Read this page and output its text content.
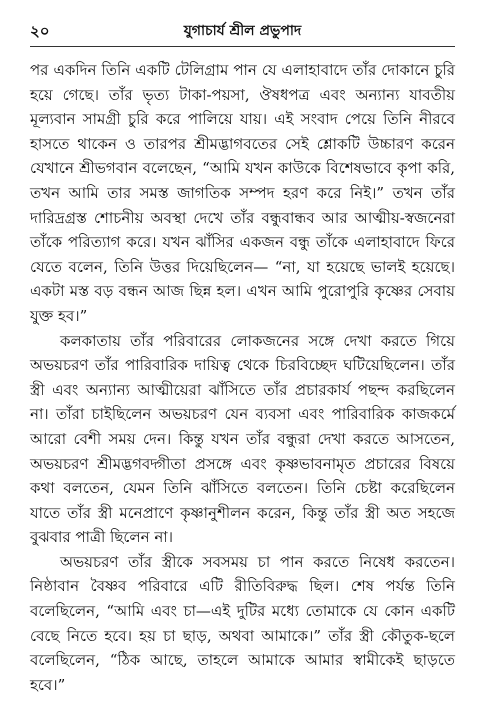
২০	যুগাচার্য শ্রীল প্রভুপাদ

পর একদিন তিনি একটি টেলিগ্রাম পান যে এলাহাবাদে তাঁর দোকানে চুরি হয়ে গেছে। তাঁর ভৃত্য টাকা-পয়সা, ঔষধপত্র এবং অন্যান্য যাবতীয় মূল্যবান সামগ্রী চুরি করে পালিয়ে যায়। এই সংবাদ পেয়ে তিনি নীরবে হাসতে থাকেন ও তারপর শ্রীমদ্ভাগবতের সেই শ্লোকটি উচ্চারণ করেন যেখানে শ্রীভগবান বলেছেন, “আমি যখন কাউকে বিশেষভাবে কৃপা করি, তখন আমি তার সমস্ত জাগতিক সম্পদ হরণ করে নিই।” তখন তাঁর দারিদ্রগ্রস্ত শোচনীয় অবস্থা দেখে তাঁর বন্ধুবান্ধব আর আত্মীয়-স্বজনেরা তাঁকে পরিত্যাগ করে। যখন ঝাঁসির একজন বন্ধু তাঁকে এলাহাবাদে ফিরে যেতে বলেন, তিনি উত্তর দিয়েছিলেন— “না, যা হয়েছে ভালই হয়েছে। একটা মস্ত বড় বন্ধন আজ ছিন্ন হল। এখন আমি পুরোপুরি কৃষ্ণের সেবায় যুক্ত হব।”

কলকাতায় তাঁর পরিবারের লোকজনের সঙ্গে দেখা করতে গিয়ে অভয়চরণ তাঁর পারিবারিক দায়িত্ব থেকে চিরবিচ্ছেদ ঘটিয়েছিলেন। তাঁর স্ত্রী এবং অন্যান্য আত্মীয়েরা ঝাঁসিতে তাঁর প্রচারকার্য পছন্দ করছিলেন না। তাঁরা চাইছিলেন অভয়চরণ যেন ব্যবসা এবং পারিবারিক কাজকর্মে আরো বেশী সময় দেন। কিন্তু যখন তাঁর বন্ধুরা দেখা করতে আসতেন, অভয়চরণ শ্রীমদ্ভগবদ্গীতা প্রসঙ্গে এবং কৃষ্ণভাবনামৃত প্রচারের বিষয়ে কথা বলতেন, যেমন তিনি ঝাঁসিতে বলতেন। তিনি চেষ্টা করেছিলেন যাতে তাঁর স্ত্রী মনেপ্রাণে কৃষ্ণানুশীলন করেন, কিন্তু তাঁর স্ত্রী অত সহজে বুঝবার পাত্রী ছিলেন না।

অভয়চরণ তাঁর স্ত্রীকে সবসময় চা পান করতে নিষেধ করতেন। নিষ্ঠাবান বৈষ্ণব পরিবারে এটি রীতিবিরুদ্ধ ছিল। শেষ পর্যন্ত তিনি বলেছিলেন, “আমি এবং চা—এই দুটির মধ্যে তোমাকে যে কোন একটি বেছে নিতে হবে। হয় চা ছাড়, অথবা আমাকে।” তাঁর স্ত্রী কৌতুক-ছলে বলেছিলেন, “ঠিক আছে, তাহলে আমাকে আমার স্বামীকেই ছাড়তে হবে।”
